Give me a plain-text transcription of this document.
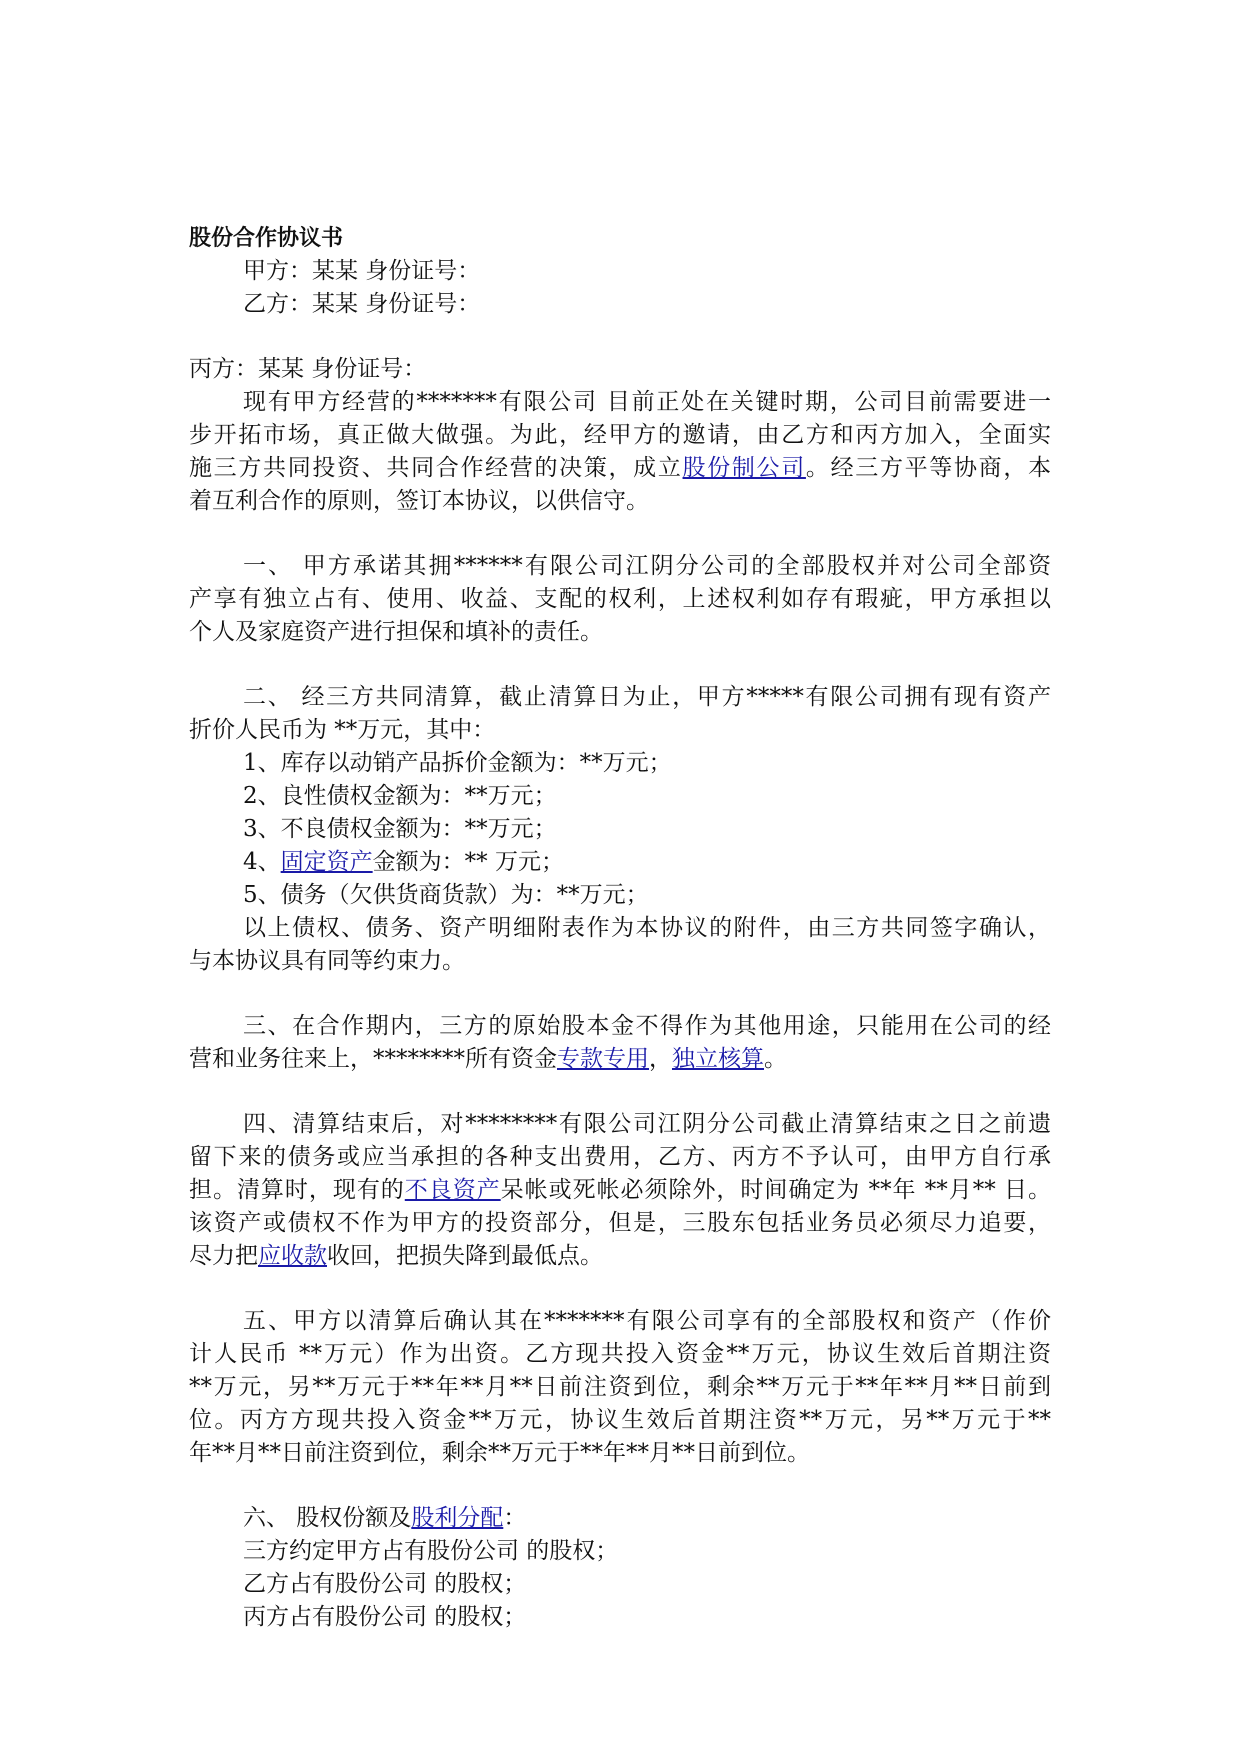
股份合作协议书
甲方：某某 身份证号：
乙方：某某 身份证号：
丙方：某某 身份证号：
现有甲方经营的*******有限公司 目前正处在关键时期，公司目前需要进一
步开拓市场，真正做大做强。为此，经甲方的邀请，由乙方和丙方加入，全面实
施三方共同投资、共同合作经营的决策，成立股份制公司。经三方平等协商，本
着互利合作的原则，签订本协议，以供信守。
一、 甲方承诺其拥******有限公司江阴分公司的全部股权并对公司全部资
产享有独立占有、使用、收益、支配的权利，上述权利如存有瑕疵，甲方承担以
个人及家庭资产进行担保和填补的责任。
二、 经三方共同清算，截止清算日为止，甲方*****有限公司拥有现有资产
折价人民币为 **万元，其中：
1、库存以动销产品拆价金额为：**万元；
2、良性债权金额为：**万元；
3、不良债权金额为：**万元；
4、固定资产金额为：** 万元；
5、债务（欠供货商货款）为：**万元；
以上债权、债务、资产明细附表作为本协议的附件，由三方共同签字确认，
与本协议具有同等约束力。
三、在合作期内，三方的原始股本金不得作为其他用途，只能用在公司的经
营和业务往来上，********所有资金专款专用，独立核算。
四、清算结束后，对********有限公司江阴分公司截止清算结束之日之前遗
留下来的债务或应当承担的各种支出费用，乙方、丙方不予认可，由甲方自行承
担。清算时，现有的不良资产呆帐或死帐必须除外，时间确定为 **年 **月** 日。
该资产或债权不作为甲方的投资部分，但是，三股东包括业务员必须尽力追要，
尽力把应收款收回，把损失降到最低点。
五、甲方以清算后确认其在*******有限公司享有的全部股权和资产（作价
计人民币 **万元）作为出资。乙方现共投入资金**万元，协议生效后首期注资
**万元，另**万元于**年**月**日前注资到位，剩余**万元于**年**月**日前到
位。丙方方现共投入资金**万元，协议生效后首期注资**万元，另**万元于**
年**月**日前注资到位，剩余**万元于**年**月**日前到位。
六、 股权份额及股利分配：
三方约定甲方占有股份公司 的股权；
乙方占有股份公司 的股权；
丙方占有股份公司 的股权；
